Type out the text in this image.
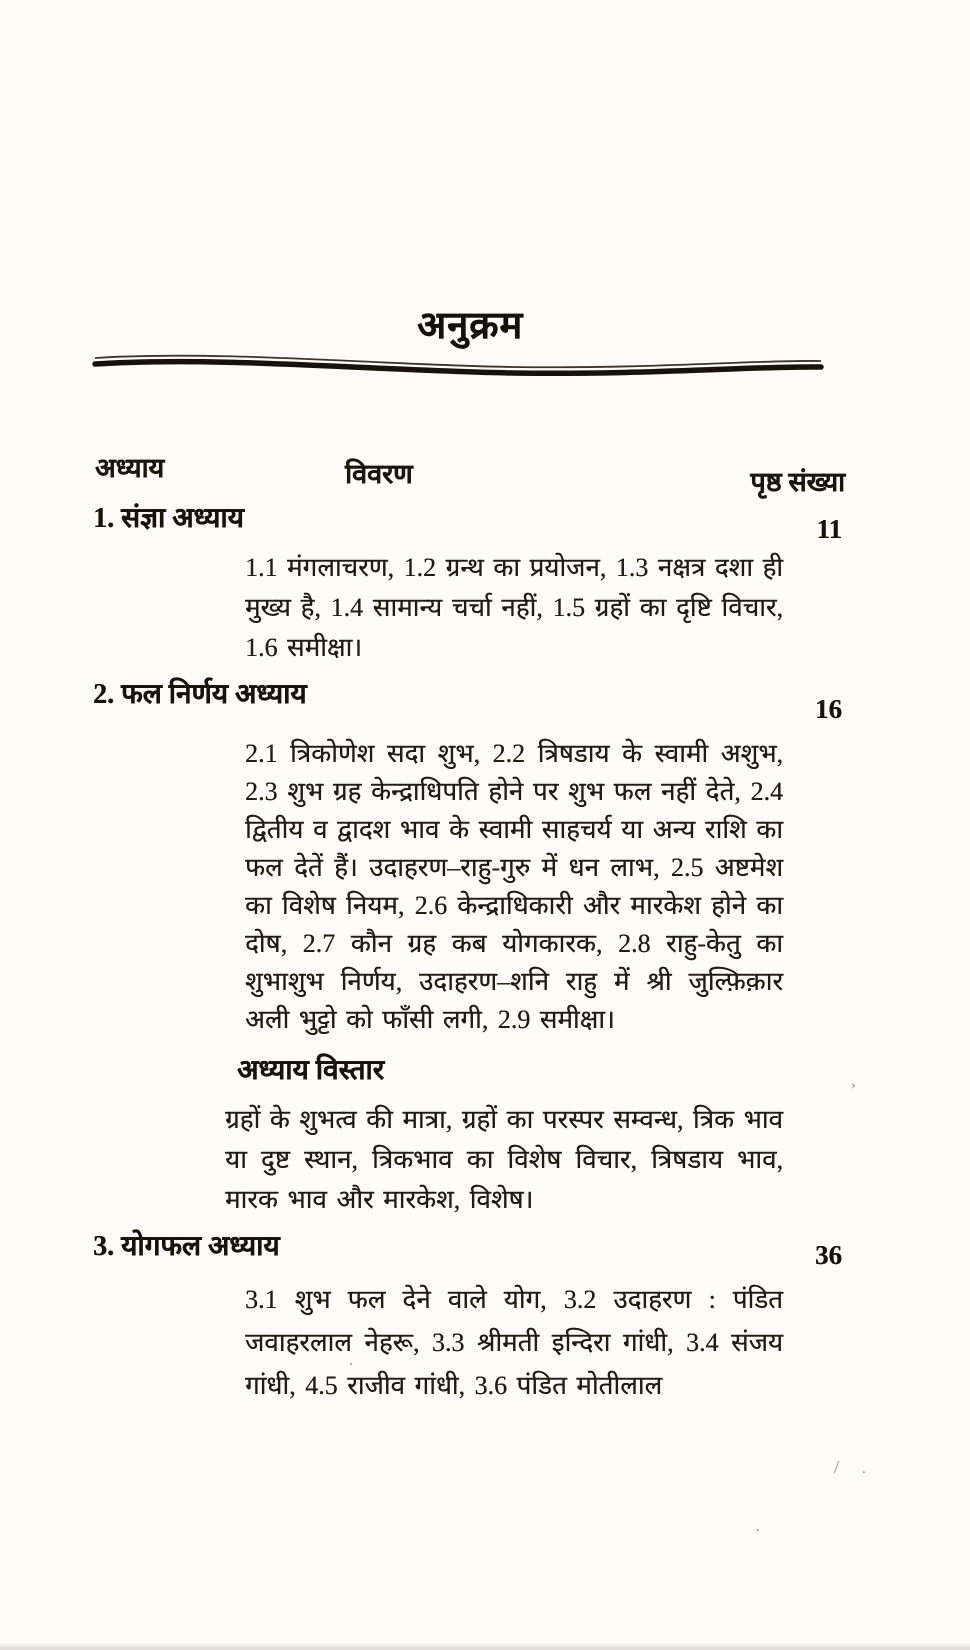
अनुक्रम
अध्याय	विवरण	पृष्ठ संख्या
1. संज्ञा अध्याय	11
1.1 मंगलाचरण, 1.2 ग्रन्थ का प्रयोजन, 1.3 नक्षत्र दशा ही मुख्य है, 1.4 सामान्य चर्चा नहीं, 1.5 ग्रहों का दृष्टि विचार, 1.6 समीक्षा।
2. फल निर्णय अध्याय	16
2.1 त्रिकोणेश सदा शुभ, 2.2 त्रिषडाय के स्वामी अशुभ, 2.3 शुभ ग्रह केन्द्राधिपति होने पर शुभ फल नहीं देते, 2.4 द्वितीय व द्वादश भाव के स्वामी साहचर्य या अन्य राशि का फल देतें हैं। उदाहरण–राहु-गुरु में धन लाभ, 2.5 अष्टमेश का विशेष नियम, 2.6 केन्द्राधिकारी और मारकेश होने का दोष, 2.7 कौन ग्रह कब योगकारक, 2.8 राहु-केतु का शुभाशुभ निर्णय, उदाहरण–शनि राहु में श्री जुल्फ़िक़ार अली भुट्टो को फाँसी लगी, 2.9 समीक्षा।
अध्याय विस्तार
ग्रहों के शुभत्व की मात्रा, ग्रहों का परस्पर सम्वन्ध, त्रिक भाव या दुष्ट स्थान, त्रिकभाव का विशेष विचार, त्रिषडाय भाव, मारक भाव और मारकेश, विशेष।
3. योगफल अध्याय	36
3.1 शुभ फल देने वाले योग, 3.2 उदाहरण : पंडित जवाहरलाल नेहरू, 3.3 श्रीमती इन्दिरा गांधी, 3.4 संजय गांधी, 4.5 राजीव गांधी, 3.6 पंडित मोतीलाल
.
›
/ .
.
